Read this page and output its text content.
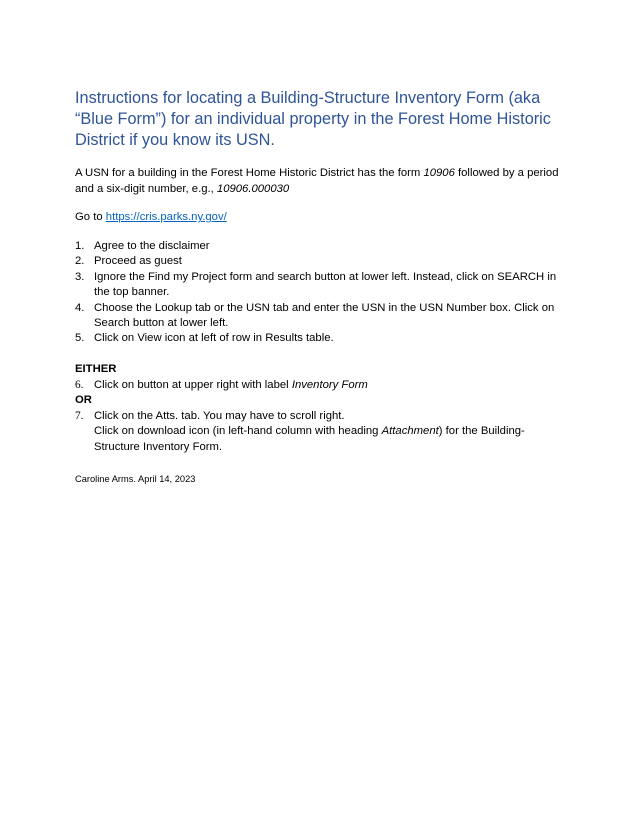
Instructions for locating a Building-Structure Inventory Form (aka “Blue Form”) for an individual property in the Forest Home Historic District if you know its USN.
A USN for a building in the Forest Home Historic District has the form 10906 followed by a period and a six-digit number, e.g., 10906.000030
Go to https://cris.parks.ny.gov/
1. Agree to the disclaimer
2. Proceed as guest
3. Ignore the Find my Project form and search button at lower left. Instead, click on SEARCH in the top banner.
4. Choose the Lookup tab or the USN tab and enter the USN in the USN Number box. Click on Search button at lower left.
5. Click on View icon at left of row in Results table.
EITHER
6. Click on button at upper right with label Inventory Form
OR
7. Click on the Atts. tab. You may have to scroll right.
Click on download icon (in left-hand column with heading Attachment) for the Building-Structure Inventory Form.
Caroline Arms. April 14, 2023
